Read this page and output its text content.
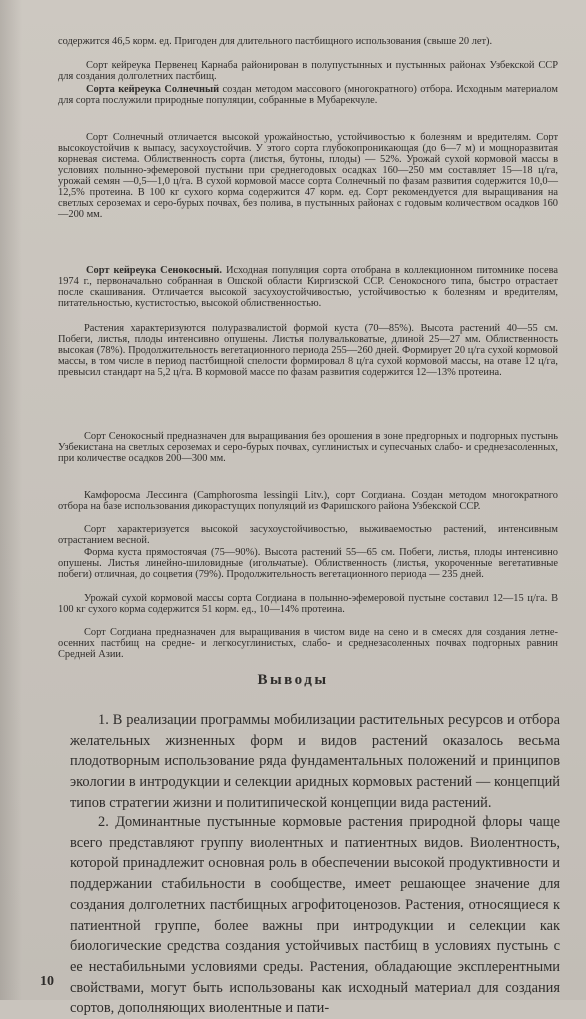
содержится 46,5 корм. ед. Пригоден для длительного пастбищного использования (свыше 20 лет).

Сорт кейреука Первенец Карнаба районирован в полупустынных и пустынных районах Узбекской ССР для создания долголетних пастбищ.

Сорта кейреука Солнечный создан методом массового (многократного) отбора. Исходным материалом для сорта послужили природные популяции, собранные в Мубарекчуле.

Сорт Солнечный отличается высокой урожайностью, устойчивостью к болезням и вредителям. Сорт высокоустойчив к выпасу, засухоустойчив. У этого сорта глубокопроникающая (до 6—7 м) и мощноразвитая корневая система. Облиственность сорта (листья, бутоны, плоды) — 52%. Урожай сухой кормовой массы в условиях полынно-эфемеровой пустыни при среднегодовых осадках 160—250 мм составляет 15—18 ц/га, урожай семян —0,5—1,0 ц/га. В сухой кормовой массе сорта Солнечный по фазам развития содержится 10,0—12,5% протеина. В 100 кг сухого корма содержится 47 корм. ед. Сорт рекомендуется для выращивания на светлых сероземах и серо-бурых почвах, без полива, в пустынных районах с годовым количеством осадков 160—200 мм.

Сорт кейреука Сенокосный. Исходная популяция сорта отобрана в коллекционном питомнике посева 1974 г., первоначально собранная в Ошской области Киргизской ССР. Сенокосного типа, быстро отрастает после скашивания. Отличается высокой засухоустойчивостью, устойчивостью к болезням и вредителям, питательностью, кустистостью, высокой облиственностью.

Растения характеризуются полуразвалистой формой куста (70—85%). Высота растений 40—55 см. Побеги, листья, плоды интенсивно опушены. Листья полувальковатые, длиной 25—27 мм. Облиственность высокая (78%). Продолжительность вегетационного периода 255—260 дней. Формирует 20 ц/га сухой кормовой массы, в том числе в период пастбищной спелости формировал 8 ц/га сухой кормовой массы, на отаве 12 ц/га, превысил стандарт на 5,2 ц/га. В кормовой массе по фазам развития содержится 12—13% протеина.

Сорт Сенокосный предназначен для выращивания без орошения в зоне предгорных и подгорных пустынь Узбекистана на светлых сероземах и серо-бурых почвах, суглинистых и супесчаных слабо- и среднезасоленных, при количестве осадков 200—300 мм.

Камфоросма Лессинга (Camphorosma lessingii Litv.), сорт Согдиана. Создан методом многократного отбора на базе использования дикорастущих популяций из Фаришского района Узбекской ССР.

Сорт характеризуется высокой засухоустойчивостью, выживаемостью растений, интенсивным отрастанием весной.

Форма куста прямостоячая (75—90%). Высота растений 55—65 см. Побеги, листья, плоды интенсивно опушены. Листья линейно-шиловидные (игольчатые). Облиственность (листья, укороченные вегетативные побеги) отличная, до соцветия (79%). Продолжительность вегетационного периода — 235 дней.

Урожай сухой кормовой массы сорта Согдиана в полынно-эфемеровой пустыне составил 12—15 ц/га. В 100 кг сухого корма содержится 51 корм. ед., 10—14% протеина.

Сорт Согдиана предназначен для выращивания в чистом виде на сено и в смесях для создания летне-осенних пастбищ на средне- и легкосуглинистых, слабо- и среднезасоленных почвах подгорных равнин Средней Азии.

Выводы

1. В реализации программы мобилизации растительных ресурсов и отбора желательных жизненных форм и видов растений оказалось весьма плодотворным использование ряда фундаментальных положений и принципов экологии в интродукции и селекции аридных кормовых растений — концепций типов стратегии жизни и политипической концепции вида растений.

2. Доминантные пустынные кормовые растения природной флоры чаще всего представляют группу виолентных и патиентных видов. Виолентность, которой принадлежит основная роль в обеспечении высокой продуктивности и поддержании стабильности в сообществе, имеет решающее значение для создания долголетних пастбищных агрофитоценозов. Растения, относящиеся к патиентной группе, более важны при интродукции и селекции как биологические средства создания устойчивых пастбищ в условиях пустынь с ее нестабильными условиями среды. Растения, обладающие эксплерентными свойствами, могут быть использованы как исходный материал для создания сортов, дополняющих виолентные и пати-

10
